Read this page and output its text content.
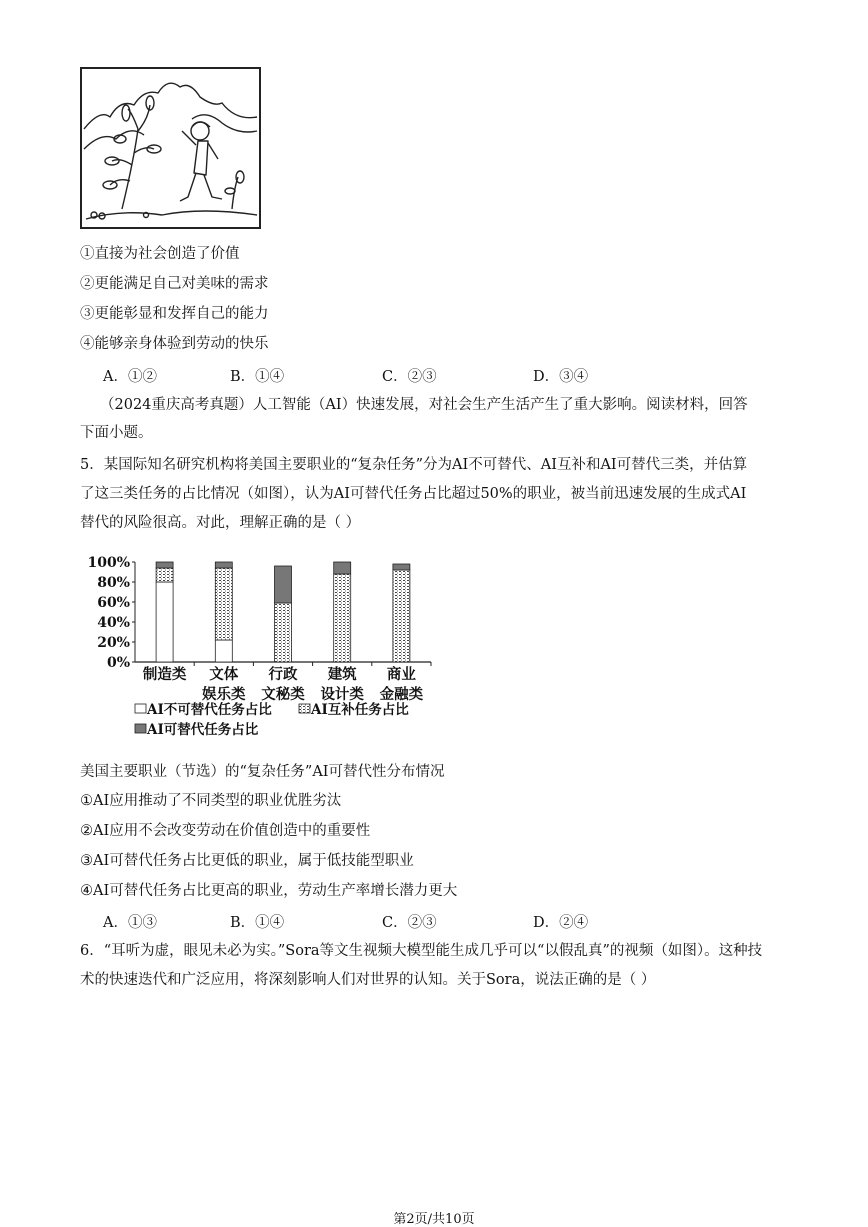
①直接为社会创造了价值
②更能满足自己对美味的需求
③更能彰显和发挥自己的能力
④能够亲身体验到劳动的快乐
A．①②	B．①④	C．②③	D．③④
（2024重庆高考真题）人工智能（AI）快速发展，对社会生产生活产生了重大影响。阅读材料，回答
下面小题。
5．某国际知名研究机构将美国主要职业的“复杂任务”分为AI不可替代、AI互补和AI可替代三类，并估算
了这三类任务的占比情况（如图），认为AI可替代任务占比超过50%的职业，被当前迅速发展的生成式AI
替代的风险很高。对此，理解正确的是（ ）
0%
20%
40%
60%
80%
100%
制造类 文体
娱乐类
行政
文秘类
建筑
设计类
商业
金融类
AI不可替代任务占比	AI互补任务占比
AI可替代任务占比
美国主要职业（节选）的“复杂任务”AI可替代性分布情况
①AI应用推动了不同类型的职业优胜劣汰
②AI应用不会改变劳动在价值创造中的重要性
③AI可替代任务占比更低的职业，属于低技能型职业
④AI可替代任务占比更高的职业，劳动生产率增长潜力更大
A．①③	B．①④	C．②③	D．②④
6．“耳听为虚，眼见未必为实。”Sora等文生视频大模型能生成几乎可以“以假乱真”的视频（如图）。这种技
术的快速迭代和广泛应用，将深刻影响人们对世界的认知。关于Sora，说法正确的是（ ）
第2页/共10页
